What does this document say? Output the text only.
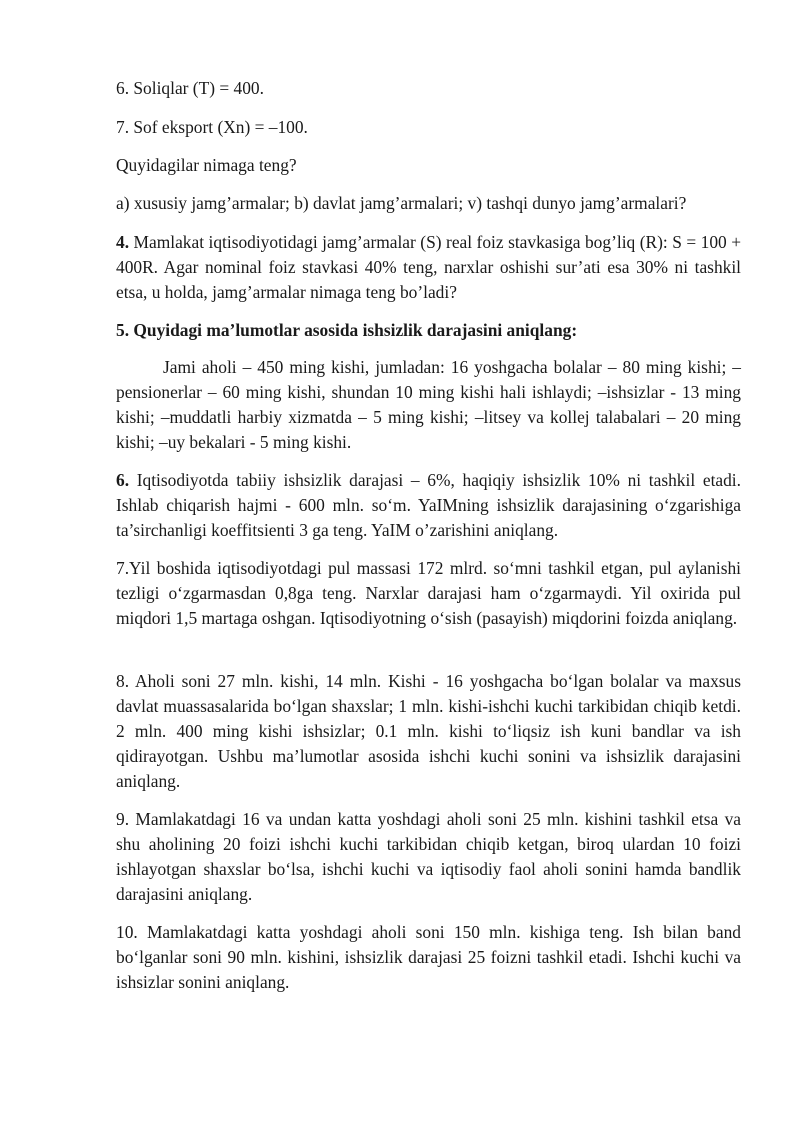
6. Soliqlar (T) = 400.

7. Sof eksport (Xn) = –100.

Quyidagilar nimaga teng?

a) xususiy jamg’armalar; b) davlat jamg’armalari; v) tashqi dunyo jamg’armalari?

4. Mamlakat iqtisodiyotidagi jamg’armalar (S) real foiz stavkasiga bog’liq (R): S = 100 + 400R. Agar nominal foiz stavkasi 40% teng, narxlar oshishi sur’ati esa 30% ni tashkil etsa, u holda, jamg’armalar nimaga teng bo’ladi?

5. Quyidagi ma’lumotlar asosida ishsizlik darajasini aniqlang:

Jami aholi – 450 ming kishi, jumladan: 16 yoshgacha bolalar – 80 ming kishi; –pensionerlar – 60 ming kishi, shundan 10 ming kishi hali ishlaydi; –ishsizlar - 13 ming kishi; –muddatli harbiy xizmatda – 5 ming kishi; –litsey va kollej talabalari – 20 ming kishi; –uy bekalari - 5 ming kishi.

6. Iqtisodiyotda tabiiy ishsizlik darajasi – 6%, haqiqiy ishsizlik 10% ni tashkil etadi. Ishlab chiqarish hajmi - 600 mln. so‘m. YaIMning ishsizlik darajasining o‘zgarishiga ta’sirchanligi koeffitsienti 3 ga teng. YaIM o’zarishini aniqlang.

7.Yil boshida iqtisodiyotdagi pul massasi 172 mlrd. so‘mni tashkil etgan, pul aylanishi tezligi o‘zgarmasdan 0,8ga teng. Narxlar darajasi ham o‘zgarmaydi. Yil oxirida pul miqdori 1,5 martaga oshgan. Iqtisodiyotning o‘sish (pasayish) miqdorini foizda aniqlang.

8. Aholi soni 27 mln. kishi, 14 mln. Kishi - 16 yoshgacha bo‘lgan bolalar va maxsus davlat muassasalarida bo‘lgan shaxslar; 1 mln. kishi-ishchi kuchi tarkibidan chiqib ketdi. 2 mln. 400 ming kishi ishsizlar; 0.1 mln. kishi to‘liqsiz ish kuni bandlar va ish qidirayotgan. Ushbu ma’lumotlar asosida ishchi kuchi sonini va ishsizlik darajasini aniqlang.

9. Mamlakatdagi 16 va undan katta yoshdagi aholi soni 25 mln. kishini tashkil etsa va shu aholining 20 foizi ishchi kuchi tarkibidan chiqib ketgan, biroq ulardan 10 foizi ishlayotgan shaxslar bo‘lsa, ishchi kuchi va iqtisodiy faol aholi sonini hamda bandlik darajasini aniqlang.

10. Mamlakatdagi katta yoshdagi aholi soni 150 mln. kishiga teng. Ish bilan band bo‘lganlar soni 90 mln. kishini, ishsizlik darajasi 25 foizni tashkil etadi. Ishchi kuchi va ishsizlar sonini aniqlang.
